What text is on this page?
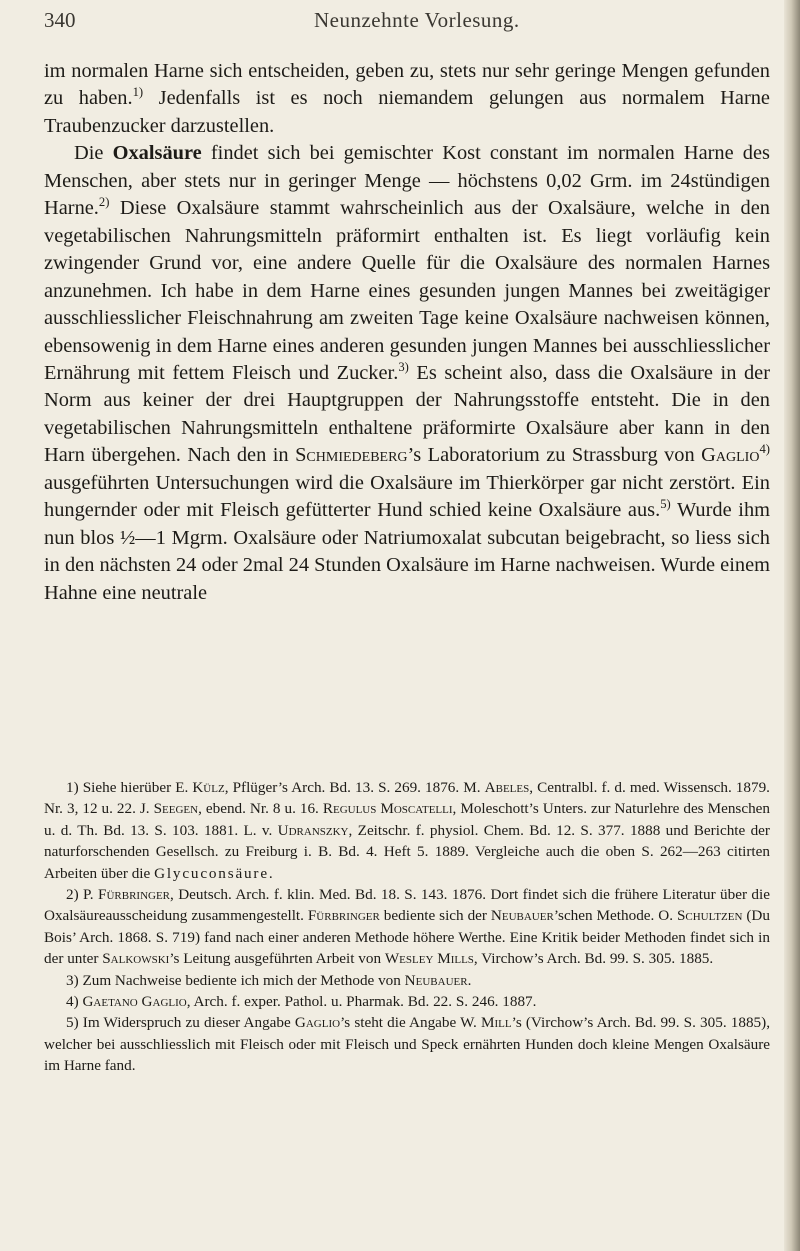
340	Neunzehnte Vorlesung.

im normalen Harne sich entscheiden, geben zu, stets nur sehr geringe Mengen gefunden zu haben.$^{1)}$ Jedenfalls ist es noch niemandem gelungen aus normalem Harne Traubenzucker darzustellen.

Die Oxalsäure findet sich bei gemischter Kost constant im normalen Harne des Menschen, aber stets nur in geringer Menge — höchstens 0,02 Grm. im 24stündigen Harne.$^{2)}$ Diese Oxalsäure stammt wahrscheinlich aus der Oxalsäure, welche in den vegetabilischen Nahrungsmitteln präformirt enthalten ist. Es liegt vorläufig kein zwingender Grund vor, eine andere Quelle für die Oxalsäure des normalen Harnes anzunehmen. Ich habe in dem Harne eines gesunden jungen Mannes bei zweitägiger ausschliesslicher Fleischnahrung am zweiten Tage keine Oxalsäure nachweisen können, ebensowenig in dem Harne eines anderen gesunden jungen Mannes bei ausschliesslicher Ernährung mit fettem Fleisch und Zucker.$^{3)}$ Es scheint also, dass die Oxalsäure in der Norm aus keiner der drei Hauptgruppen der Nahrungsstoffe entsteht. Die in den vegetabilischen Nahrungsmitteln enthaltene präformirte Oxalsäure aber kann in den Harn übergehen. Nach den in Schmiedeberg’s Laboratorium zu Strassburg von Gaglio$^{4)}$ ausgeführten Untersuchungen wird die Oxalsäure im Thierkörper gar nicht zerstört. Ein hungernder oder mit Fleisch gefütterter Hund schied keine Oxalsäure aus.$^{5)}$ Wurde ihm nun blos ½—1 Mgrm. Oxalsäure oder Natriumoxalat subcutan beigebracht, so liess sich in den nächsten 24 oder 2mal 24 Stunden Oxalsäure im Harne nachweisen. Wurde einem Hahne eine neutrale

1) Siehe hierüber E. Külz, Pflüger’s Arch. Bd. 13. S. 269. 1876. M. Abeles, Centralbl. f. d. med. Wissensch. 1879. Nr. 3, 12 u. 22. J. Seegen, ebend. Nr. 8 u. 16. Regulus Moscatelli, Moleschott’s Unters. zur Naturlehre des Menschen u. d. Th. Bd. 13. S. 103. 1881. L. v. Udranszky, Zeitschr. f. physiol. Chem. Bd. 12. S. 377. 1888 und Berichte der naturforschenden Gesellsch. zu Freiburg i. B. Bd. 4. Heft 5. 1889. Vergleiche auch die oben S. 262—263 citirten Arbeiten über die Glycuconsäure.

2) P. Fürbringer, Deutsch. Arch. f. klin. Med. Bd. 18. S. 143. 1876. Dort findet sich die frühere Literatur über die Oxalsäureausscheidung zusammengestellt. Fürbringer bediente sich der Neubauer’schen Methode. O. Schultzen (Du Bois’ Arch. 1868. S. 719) fand nach einer anderen Methode höhere Werthe. Eine Kritik beider Methoden findet sich in der unter Salkowski’s Leitung ausgeführten Arbeit von Wesley Mills, Virchow’s Arch. Bd. 99. S. 305. 1885.

3) Zum Nachweise bediente ich mich der Methode von Neubauer.

4) Gaetano Gaglio, Arch. f. exper. Pathol. u. Pharmak. Bd. 22. S. 246. 1887.

5) Im Widerspruch zu dieser Angabe Gaglio’s steht die Angabe W. Mill’s (Virchow’s Arch. Bd. 99. S. 305. 1885), welcher bei ausschliesslich mit Fleisch oder mit Fleisch und Speck ernährten Hunden doch kleine Mengen Oxalsäure im Harne fand.
